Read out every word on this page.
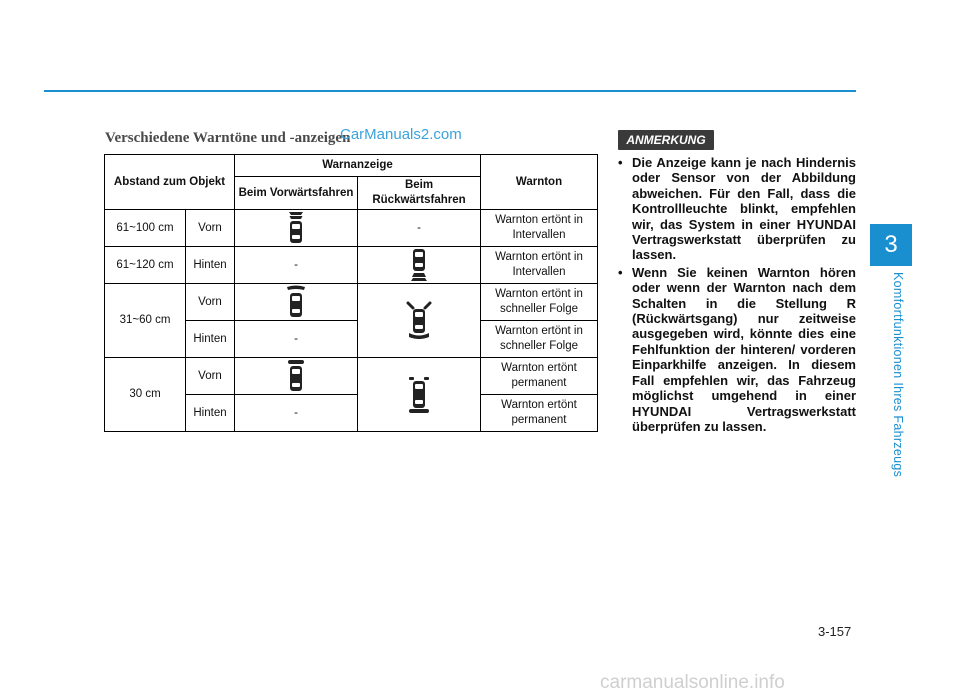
Verschiedene Warntöne und -anzeigen
CarManuals2.com
Abstand zum Objekt		Warnanzeige		Warnton
		Beim Vorwärtsfahren	Beim Rückwärtsfahren	
61~100 cm	Vorn		-	Warnton ertönt in Intervallen
61~120 cm	Hinten	-		Warnton ertönt in Intervallen
31~60 cm	Vorn			Warnton ertönt in schneller Folge
	Hinten	-		Warnton ertönt in schneller Folge
30 cm	Vorn			Warnton ertönt permanent
	Hinten	-		Warnton ertönt permanent
ANMERKUNG
• Die Anzeige kann je nach Hindernis oder Sensor von der Abbildung abweichen. Für den Fall, dass die Kontrollleuchte blinkt, empfehlen wir, das System in einer HYUNDAI Vertragswerkstatt überprüfen zu lassen.
• Wenn Sie keinen Warnton hören oder wenn der Warnton nach dem Schalten in die Stellung R (Rückwärtsgang) nur zeitweise ausgegeben wird, könnte dies eine Fehlfunktion der hinteren/ vorderen Einparkhilfe anzeigen. In diesem Fall empfehlen wir, das Fahrzeug möglichst umgehend in einer HYUNDAI Vertragswerkstatt überprüfen zu lassen.
3
Komfortfunktionen Ihres Fahrzeugs
3-157
carmanualsonline.info
